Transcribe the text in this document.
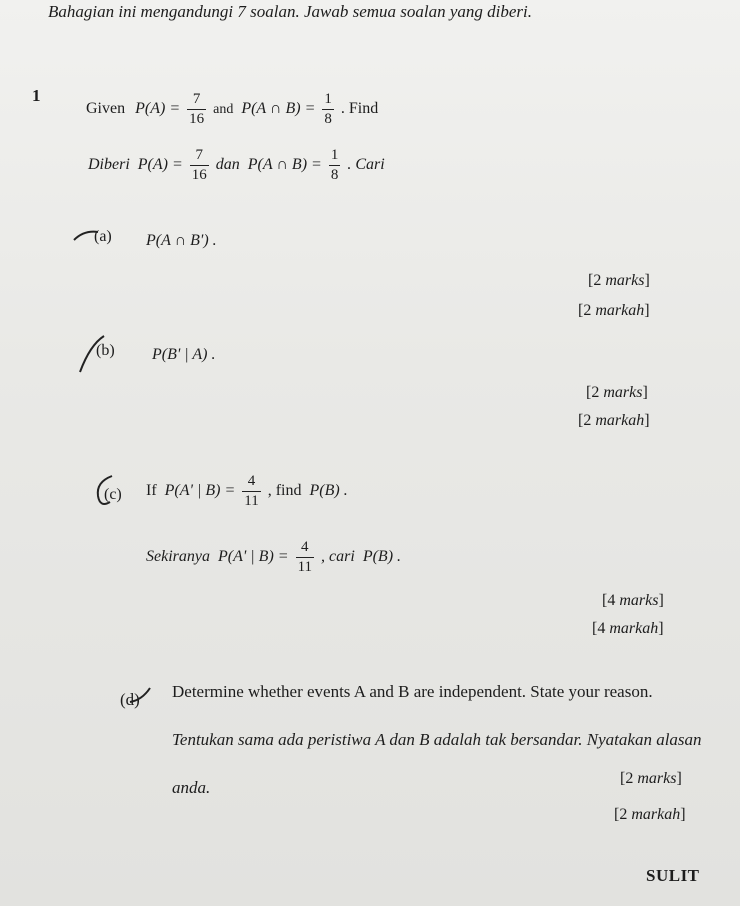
Bahagian ini mengandungi 7 soalan. Jawab semua soalan yang diberi.
1
Given $P(A) = \frac{7}{16}$ and P(A ∩ $B) = \frac{1}{8}$ . Find
Diberi $P(A) = \frac{7}{16}$ dan P(A ∩ $B) = \frac{1}{8}$ . Cari
(a) P(A ∩ B') .
[2 marks]
[2 markah]
(b) P(B' | A) .
[2 marks]
[2 markah]
(c) If P(A' | $B) = \frac{4}{11}$ , find P(B) .
Sekiranya P(A' | $B) = \frac{4}{11}$ , cari P(B) .
[4 marks]
[4 markah]
(d) Determine whether events A and B are independent. State your reason.
Tentukan sama ada peristiwa A dan B adalah tak bersandar. Nyatakan alasan
anda.	[2 marks]
[2 markah]
SULIT
